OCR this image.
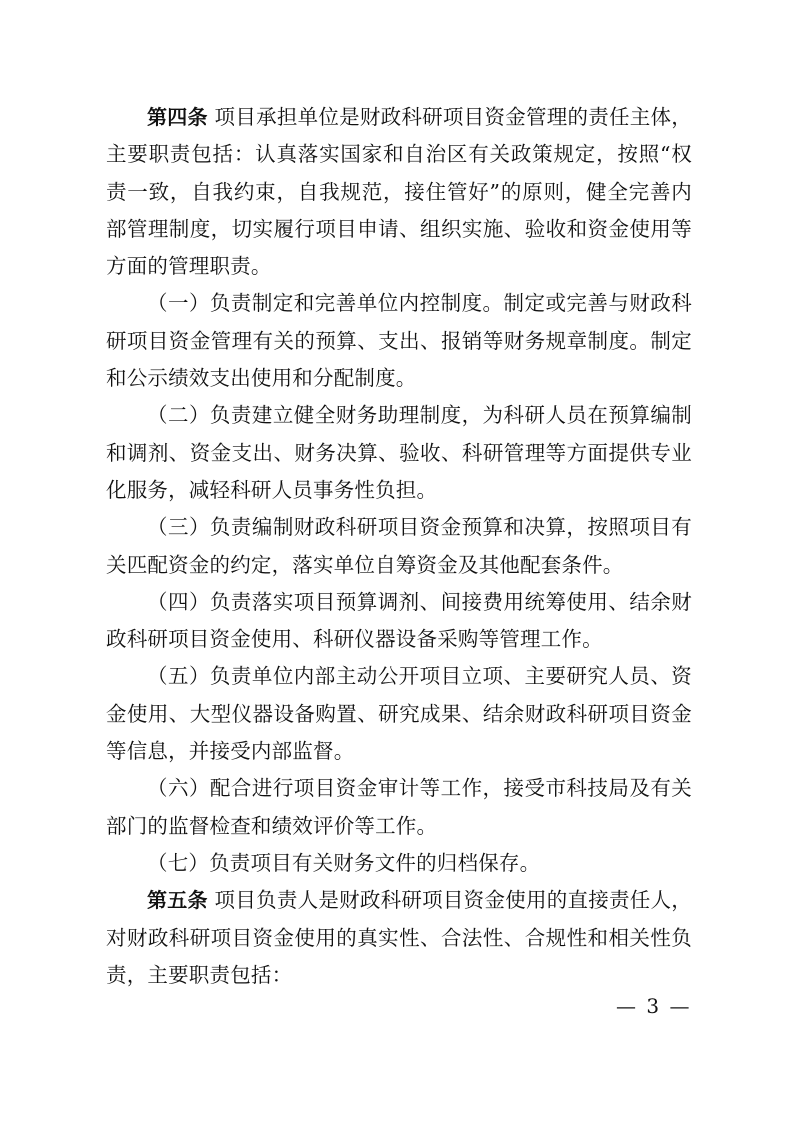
第四条 项目承担单位是财政科研项目资金管理的责任主体，主要职责包括：认真落实国家和自治区有关政策规定，按照“权责一致，自我约束，自我规范，接住管好”的原则，健全完善内部管理制度，切实履行项目申请、组织实施、验收和资金使用等方面的管理职责。

（一）负责制定和完善单位内控制度。制定或完善与财政科研项目资金管理有关的预算、支出、报销等财务规章制度。制定和公示绩效支出使用和分配制度。

（二）负责建立健全财务助理制度，为科研人员在预算编制和调剂、资金支出、财务决算、验收、科研管理等方面提供专业化服务，减轻科研人员事务性负担。

（三）负责编制财政科研项目资金预算和决算，按照项目有关匹配资金的约定，落实单位自筹资金及其他配套条件。

（四）负责落实项目预算调剂、间接费用统筹使用、结余财政科研项目资金使用、科研仪器设备采购等管理工作。

（五）负责单位内部主动公开项目立项、主要研究人员、资金使用、大型仪器设备购置、研究成果、结余财政科研项目资金等信息，并接受内部监督。

（六）配合进行项目资金审计等工作，接受市科技局及有关部门的监督检查和绩效评价等工作。

（七）负责项目有关财务文件的归档保存。

第五条 项目负责人是财政科研项目资金使用的直接责任人，对财政科研项目资金使用的真实性、合法性、合规性和相关性负责，主要职责包括：

— 3 —
